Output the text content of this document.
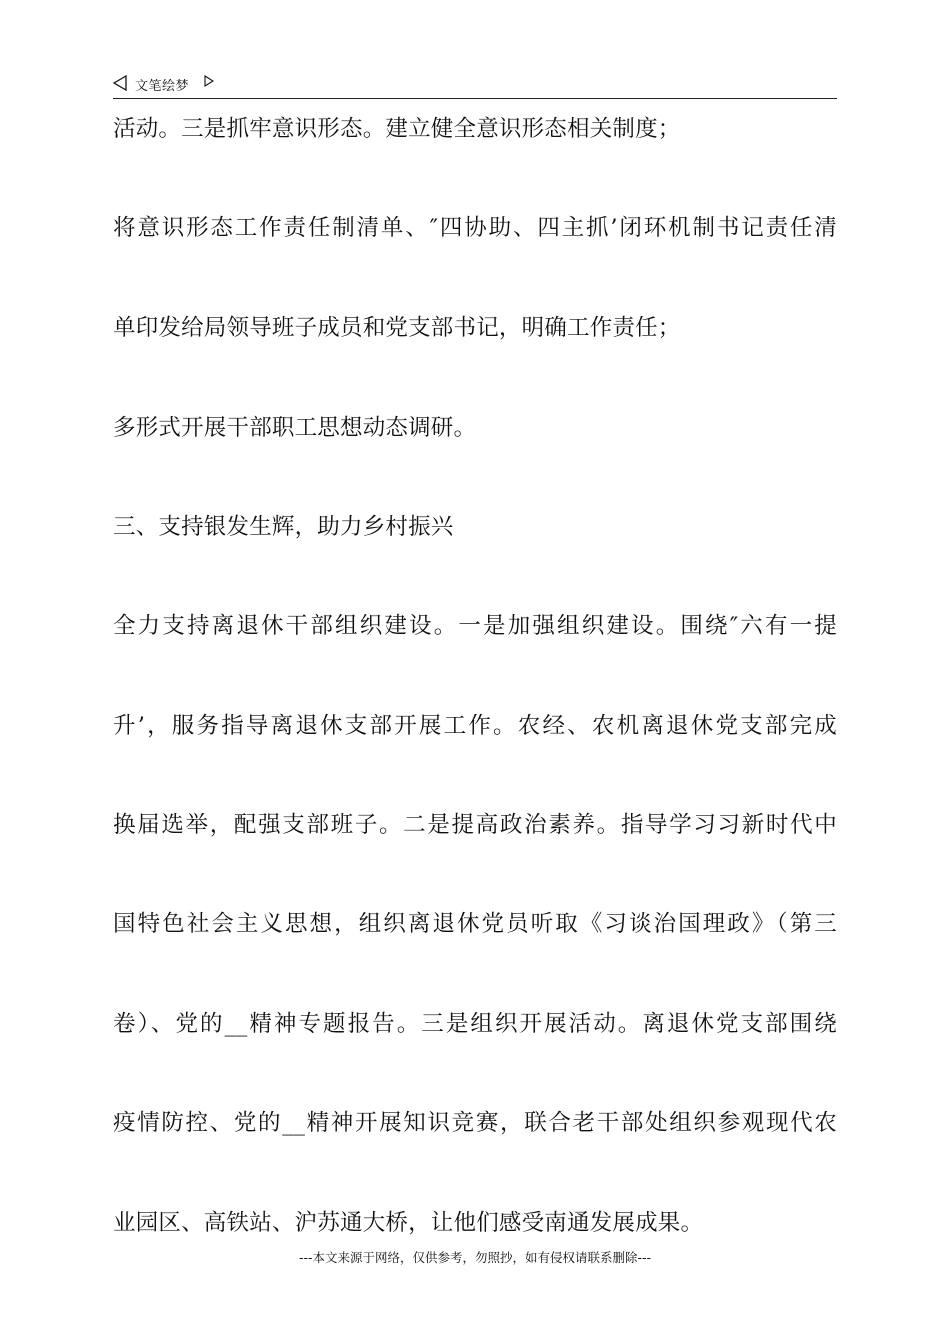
文笔绘梦
活动。三是抓牢意识形态。建立健全意识形态相关制度；
将意识形态工作责任制清单、″四协助、四主抓’闭环机制书记责任清
单印发给局领导班子成员和党支部书记，明确工作责任；
多形式开展干部职工思想动态调研。
三、支持银发生辉，助力乡村振兴
全力支持离退休干部组织建设。一是加强组织建设。围绕″六有一提
升’，服务指导离退休支部开展工作。农经、农机离退休党支部完成
换届选举，配强支部班子。二是提高政治素养。指导学习习新时代中
国特色社会主义思想，组织离退休党员听取《习谈治国理政》（第三
卷）、党的__精神专题报告。三是组织开展活动。离退休党支部围绕
疫情防控、党的__精神开展知识竞赛，联合老干部处组织参观现代农
业园区、高铁站、沪苏通大桥，让他们感受南通发展成果。
---本文来源于网络，仅供参考，勿照抄，如有侵权请联系删除---
